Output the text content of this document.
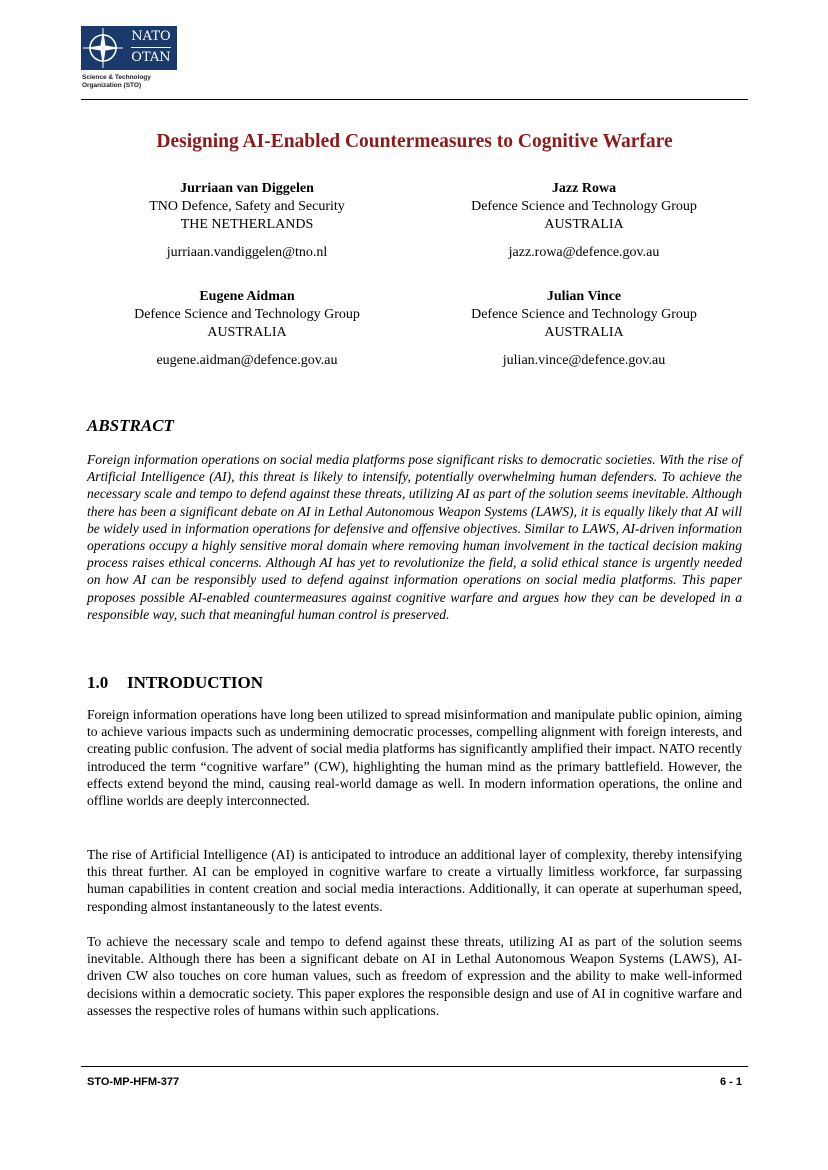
NATO
OTAN
Science & Technology
Organization (STO)
Designing AI-Enabled Countermeasures to Cognitive Warfare
Jurriaan van Diggelen
TNO Defence, Safety and Security
THE NETHERLANDS
jurriaan.vandiggelen@tno.nl
Jazz Rowa
Defence Science and Technology Group
AUSTRALIA
jazz.rowa@defence.gov.au
Eugene Aidman
Defence Science and Technology Group
AUSTRALIA
eugene.aidman@defence.gov.au
Julian Vince
Defence Science and Technology Group
AUSTRALIA
julian.vince@defence.gov.au
ABSTRACT
Foreign information operations on social media platforms pose significant risks to democratic societies. With the rise of Artificial Intelligence (AI), this threat is likely to intensify, potentially overwhelming human defenders. To achieve the necessary scale and tempo to defend against these threats, utilizing AI as part of the solution seems inevitable. Although there has been a significant debate on AI in Lethal Autonomous Weapon Systems (LAWS), it is equally likely that AI will be widely used in information operations for defensive and offensive objectives. Similar to LAWS, AI-driven information operations occupy a highly sensitive moral domain where removing human involvement in the tactical decision making process raises ethical concerns. Although AI has yet to revolutionize the field, a solid ethical stance is urgently needed on how AI can be responsibly used to defend against information operations on social media platforms. This paper proposes possible AI-enabled countermeasures against cognitive warfare and argues how they can be developed in a responsible way, such that meaningful human control is preserved.
1.0 INTRODUCTION
Foreign information operations have long been utilized to spread misinformation and manipulate public opinion, aiming to achieve various impacts such as undermining democratic processes, compelling alignment with foreign interests, and creating public confusion. The advent of social media platforms has significantly amplified their impact. NATO recently introduced the term “cognitive warfare” (CW), highlighting the human mind as the primary battlefield. However, the effects extend beyond the mind, causing real-world damage as well. In modern information operations, the online and offline worlds are deeply interconnected.
The rise of Artificial Intelligence (AI) is anticipated to introduce an additional layer of complexity, thereby intensifying this threat further. AI can be employed in cognitive warfare to create a virtually limitless workforce, far surpassing human capabilities in content creation and social media interactions. Additionally, it can operate at superhuman speed, responding almost instantaneously to the latest events.
To achieve the necessary scale and tempo to defend against these threats, utilizing AI as part of the solution seems inevitable. Although there has been a significant debate on AI in Lethal Autonomous Weapon Systems (LAWS), AI-driven CW also touches on core human values, such as freedom of expression and the ability to make well-informed decisions within a democratic society. This paper explores the responsible design and use of AI in cognitive warfare and assesses the respective roles of humans within such applications.
STO-MP-HFM-377	6 - 1
